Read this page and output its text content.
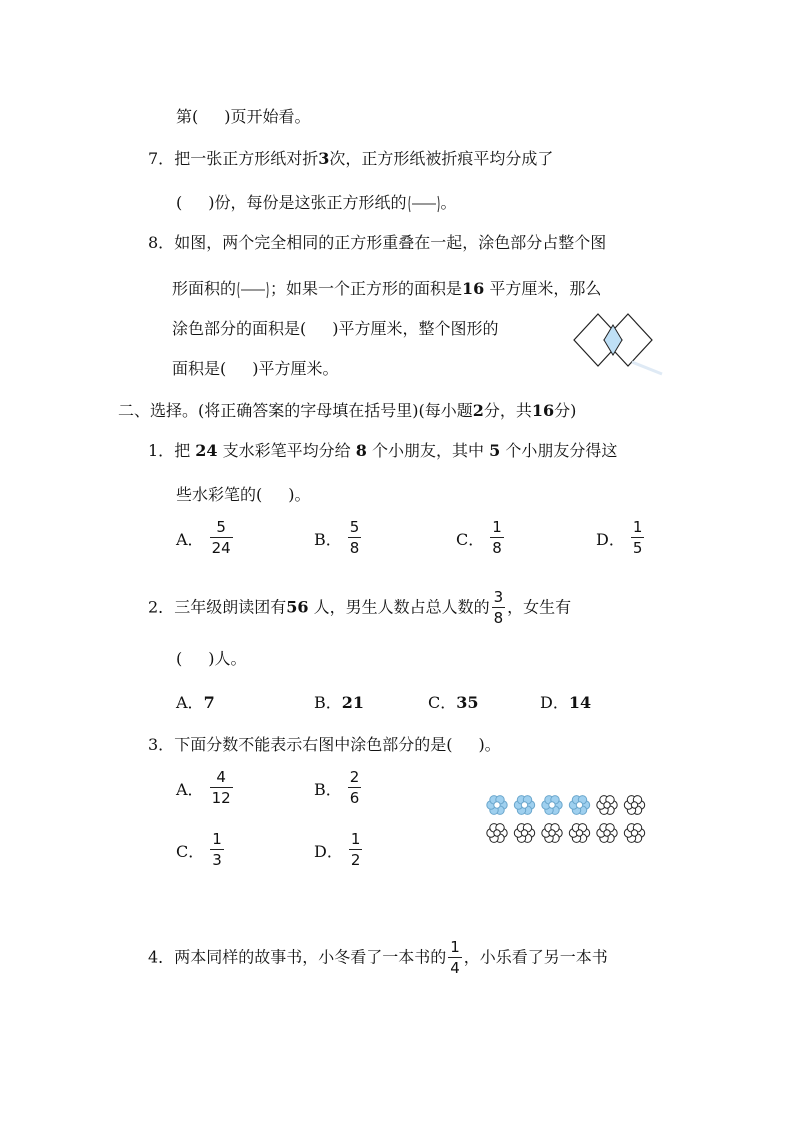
第( )页开始看。
7．把一张正方形纸对折3次，正方形纸被折痕平均分成了
( )份，每份是这张正方形纸的 。
8．如图，两个完全相同的正方形重叠在一起，涂色部分占整个图
形面积的 ；如果一个正方形的面积是16 平方厘米，那么
涂色部分的面积是( )平方厘米，整个图形的
面积是( )平方厘米。
二、选择。(将正确答案的字母填在括号里)(每小题2分，共16分)
1．把 24 支水彩笔平均分给 8 个小朋友，其中 5 个小朋友分得这
些水彩笔的( )。
A． $\frac{5}{24}$	B． $\frac{5}{8}$	C． $\frac{1}{8}$	D． $\frac{1}{5}$
2．三年级朗读团有56 人，男生人数占总人数的 $\frac{3}{8}$ ，女生有
( )人。
A．7	B．21	C．35	D．14
3．下面分数不能表示右图中涂色部分的是( )。
A． $\frac{4}{12}$	B． $\frac{2}{6}$
C． $\frac{1}{3}$	D． $\frac{1}{2}$
4．两本同样的故事书，小冬看了一本书的 $\frac{1}{4}$ ，小乐看了另一本书
